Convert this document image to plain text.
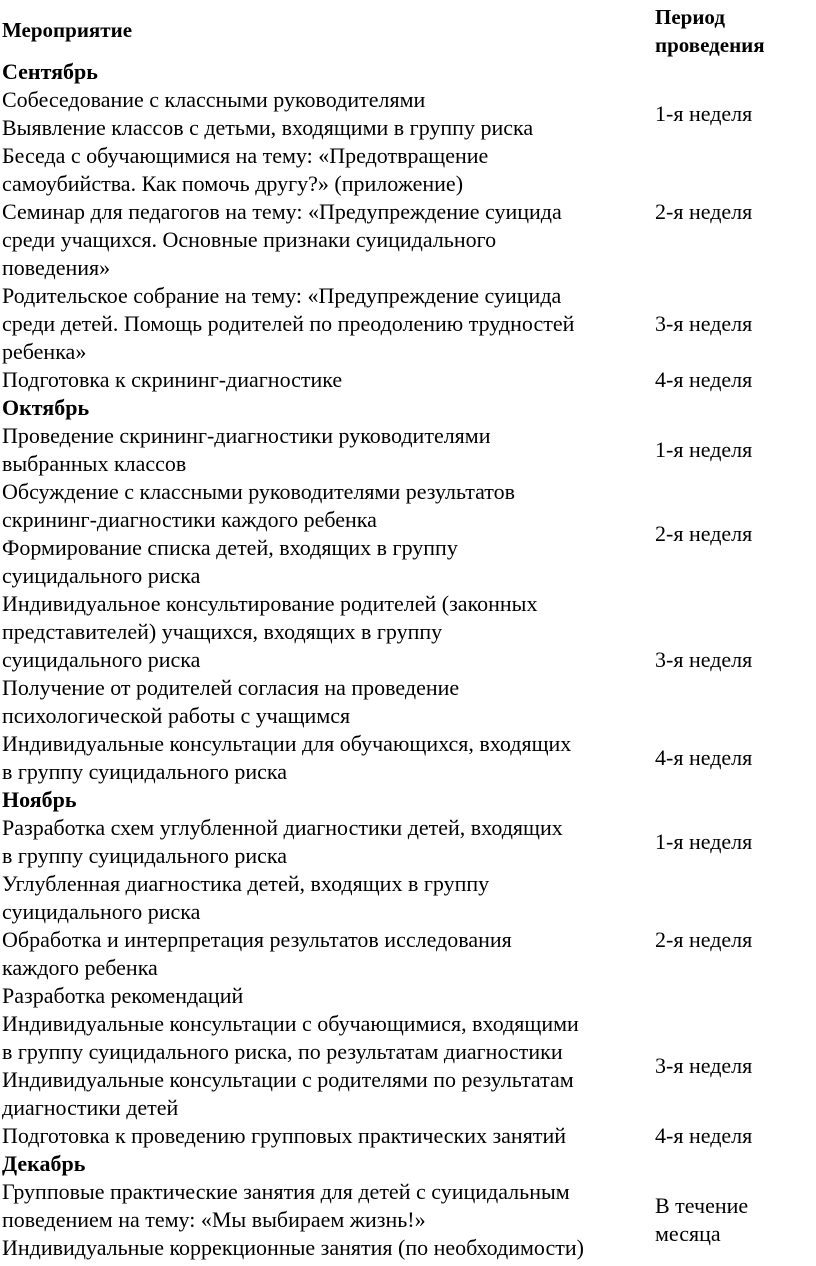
Мероприятие
Период
проведения
Сентябрь
Собеседование с классными руководителями
Выявление классов с детьми, входящими в группу риска
Беседа с обучающимися на тему: «Предотвращение
самоубийства. Как помочь другу?» (приложение)
Семинар для педагогов на тему: «Предупреждение суицида
среди учащихся. Основные признаки суицидального
поведения»
Родительское собрание на тему: «Предупреждение суицида
среди детей. Помощь родителей по преодолению трудностей
ребенка»
Подготовка к скрининг-диагностике
1-я неделя
2-я неделя
3-я неделя
4-я неделя
Октябрь
Проведение скрининг-диагностики руководителями
выбранных классов
Обсуждение с классными руководителями результатов
скрининг-диагностики каждого ребенка
Формирование списка детей, входящих в группу
суицидального риска
Индивидуальное консультирование родителей (законных
представителей) учащихся, входящих в группу
суицидального риска
Получение от родителей согласия на проведение
психологической работы с учащимся
Индивидуальные консультации для обучающихся, входящих
в группу суицидального риска
1-я неделя
2-я неделя
3-я неделя
4-я неделя
Ноябрь
Разработка схем углубленной диагностики детей, входящих
в группу суицидального риска
Углубленная диагностика детей, входящих в группу
суицидального риска
Обработка и интерпретация результатов исследования
каждого ребенка
Разработка рекомендаций
Индивидуальные консультации с обучающимися, входящими
в группу суицидального риска, по результатам диагностики
Индивидуальные консультации с родителями по результатам
диагностики детей
Подготовка к проведению групповых практических занятий
1-я неделя
2-я неделя
3-я неделя
4-я неделя
Декабрь
Групповые практические занятия для детей с суицидальным
поведением на тему: «Мы выбираем жизнь!»
Индивидуальные коррекционные занятия (по необходимости)
В течение
месяца
